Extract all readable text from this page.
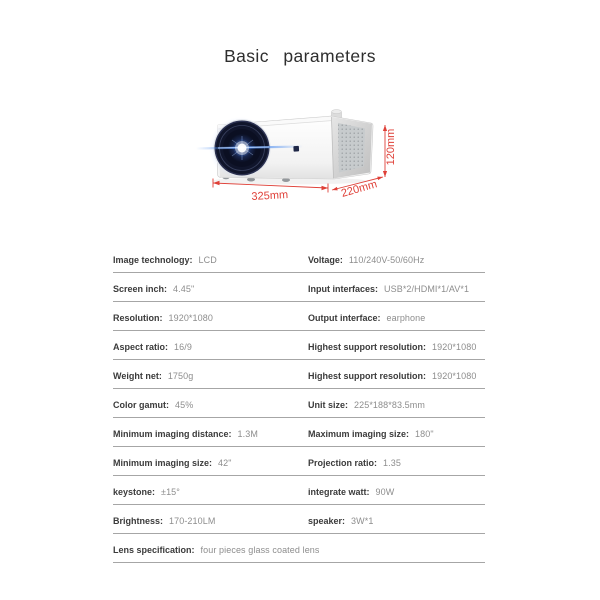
Basic  parameters
325mm	220mm
120mm
Image technology: LCD	Voltage: 110/240V-50/60Hz
Screen inch: 4.45"	Input interfaces: USB*2/HDMI*1/AV*1
Resolution: 1920*1080	Output interface: earphone
Aspect ratio: 16/9	Highest support resolution: 1920*1080
Weight net: 1750g	Highest support resolution: 1920*1080
Color gamut: 45%	Unit size: 225*188*83.5mm
Minimum imaging distance: 1.3M	Maximum imaging size: 180"
Minimum imaging size: 42"	Projection ratio: 1.35
keystone: ±15°	integrate watt: 90W
Brightness: 170-210LM	speaker: 3W*1
Lens specification: four pieces glass coated lens
